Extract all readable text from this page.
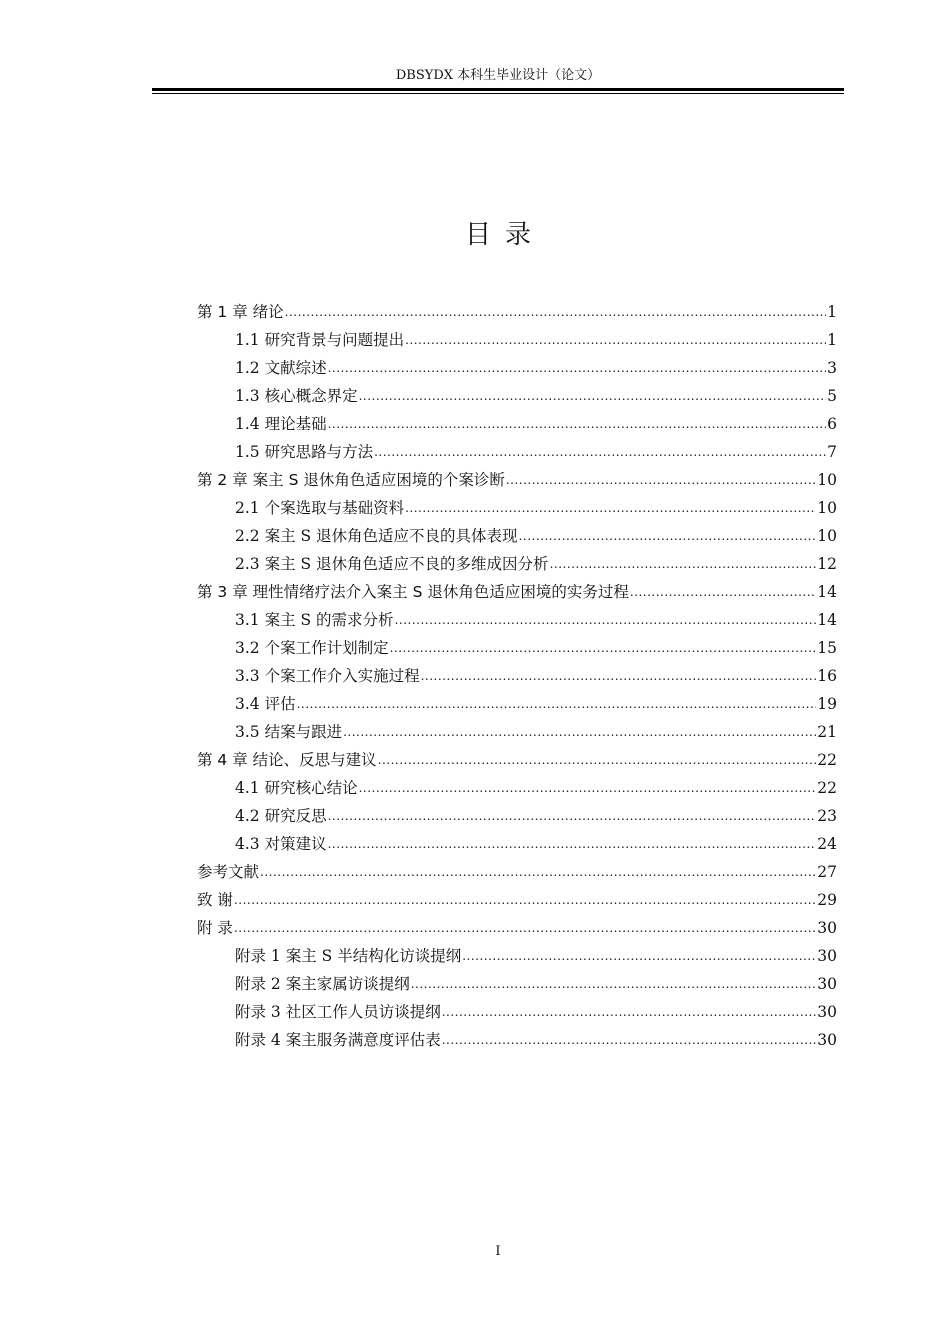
DBSYDX 本科生毕业设计（论文）
目录
第 1 章 绪论 .....	1
1.1 研究背景与问题提出 .....	1
1.2 文献综述 .....	3
1.3 核心概念界定 .....	5
1.4 理论基础 .....	6
1.5 研究思路与方法 .....	7
第 2 章 案主 S 退休角色适应困境的个案诊断 .....	10
2.1 个案选取与基础资料 .....	10
2.2 案主 S 退休角色适应不良的具体表现 .....	10
2.3 案主 S 退休角色适应不良的多维成因分析 .....	12
第 3 章 理性情绪疗法介入案主 S 退休角色适应困境的实务过程 .....	14
3.1 案主 S 的需求分析 .....	14
3.2 个案工作计划制定 .....	15
3.3 个案工作介入实施过程 .....	16
3.4 评估 .....	19
3.5 结案与跟进 .....	21
第 4 章 结论、反思与建议 .....	22
4.1 研究核心结论 .....	22
4.2 研究反思 .....	23
4.3 对策建议 .....	24
参考文献 .....	27
致 谢 .....	29
附 录 .....	30
附录 1 案主 S 半结构化访谈提纲 .....	30
附录 2 案主家属访谈提纲 .....	30
附录 3 社区工作人员访谈提纲 .....	30
附录 4 案主服务满意度评估表 .....	30
I
